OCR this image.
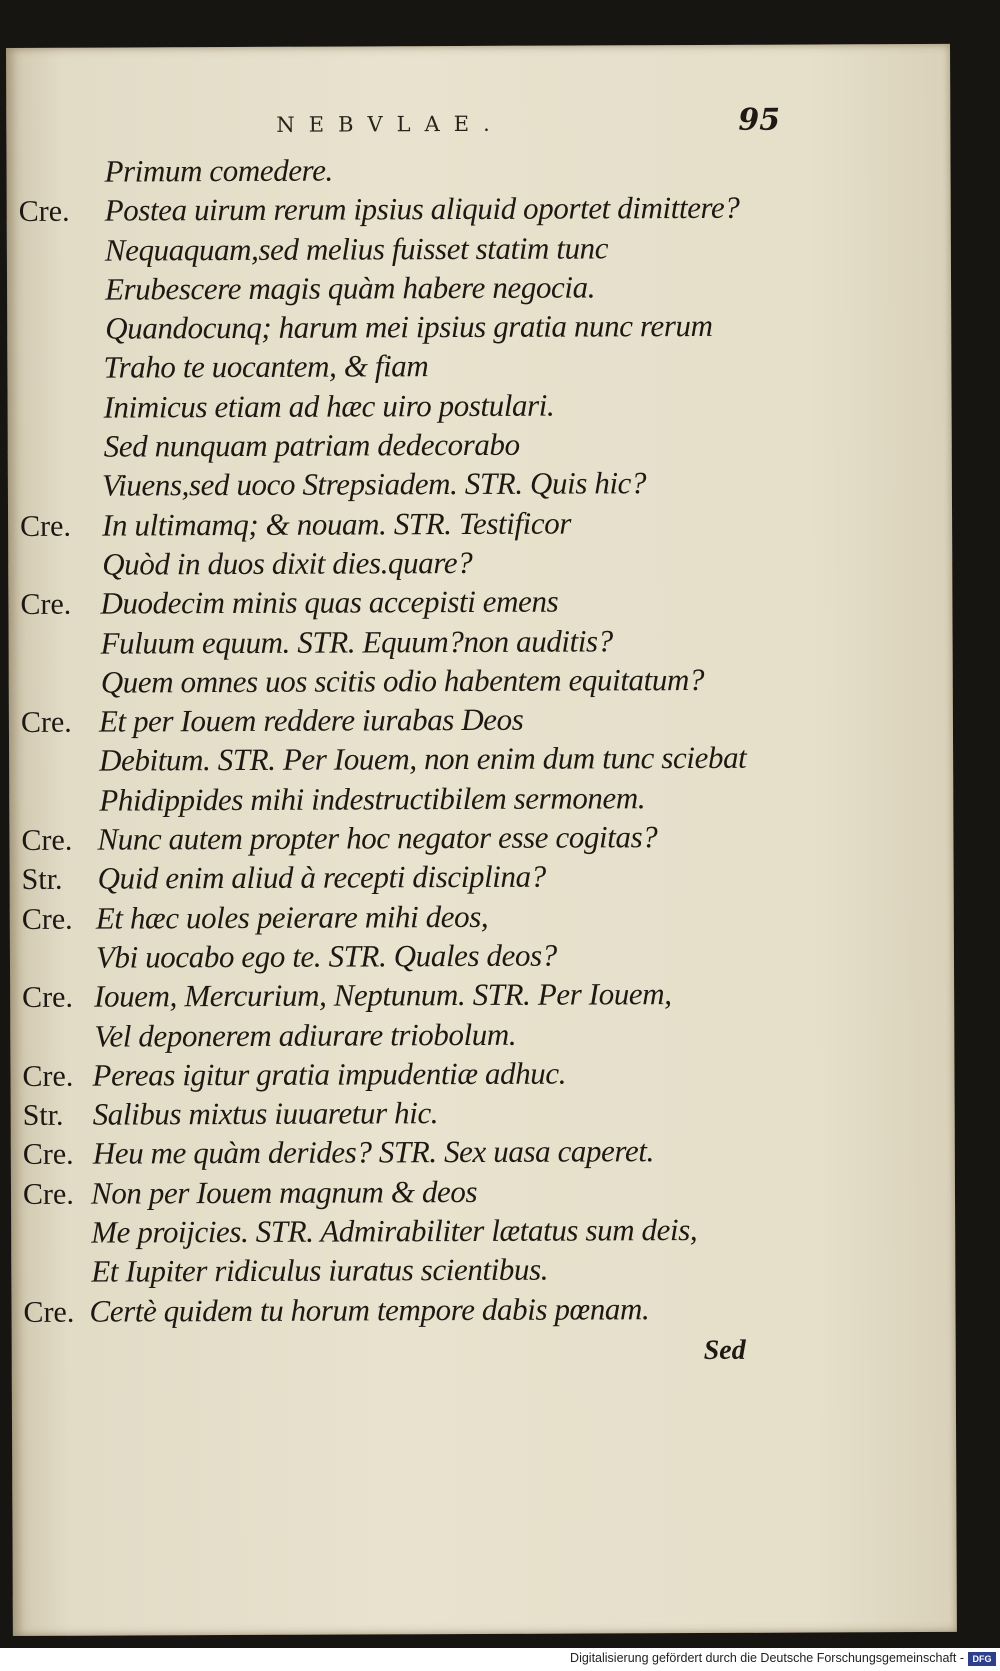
NEBVLAE.	95
Primum comedere.
Cre. Postea uirum rerum ipsius aliquid oportet dimittere?
Nequaquam,sed melius fuisset statim tunc
Erubescere magis quàm habere negocia.
Quandocunq; harum mei ipsius gratia nunc rerum
Traho te uocantem, & fiam
Inimicus etiam ad hæc uiro postulari.
Sed nunquam patriam dedecorabo
Viuens,sed uoco Strepsiadem. STR. Quis hic?
Cre. In ultimamq; & nouam. STR. Testificor
Quòd in duos dixit dies.quare?
Cre. Duodecim minis quas accepisti emens
Fuluum equum. STR. Equum?non auditis?
Quem omnes uos scitis odio habentem equitatum?
Cre. Et per Iouem reddere iurabas Deos
Debitum. STR. Per Iouem, non enim dum tunc sciebat
Phidippides mihi indestructibilem sermonem.
Cre. Nunc autem propter hoc negator esse cogitas?
Str. Quid enim aliud à recepti disciplina?
Cre. Et hæc uoles peierare mihi deos,
Vbi uocabo ego te. STR. Quales deos?
Cre. Iouem, Mercurium, Neptunum. STR. Per Iouem,
Vel deponerem adiurare triobolum.
Cre. Pereas igitur gratia impudentiæ adhuc.
Str. Salibus mixtus iuuaretur hic.
Cre. Heu me quàm derides? STR. Sex uasa caperet.
Cre. Non per Iouem magnum & deos
Me proijcies. STR. Admirabiliter lætatus sum deis,
Et Iupiter ridiculus iuratus scientibus.
Cre. Certè quidem tu horum tempore dabis pœnam.
Sed
Digitalisierung gefördert durch die Deutsche Forschungsgemeinschaft - DFG
